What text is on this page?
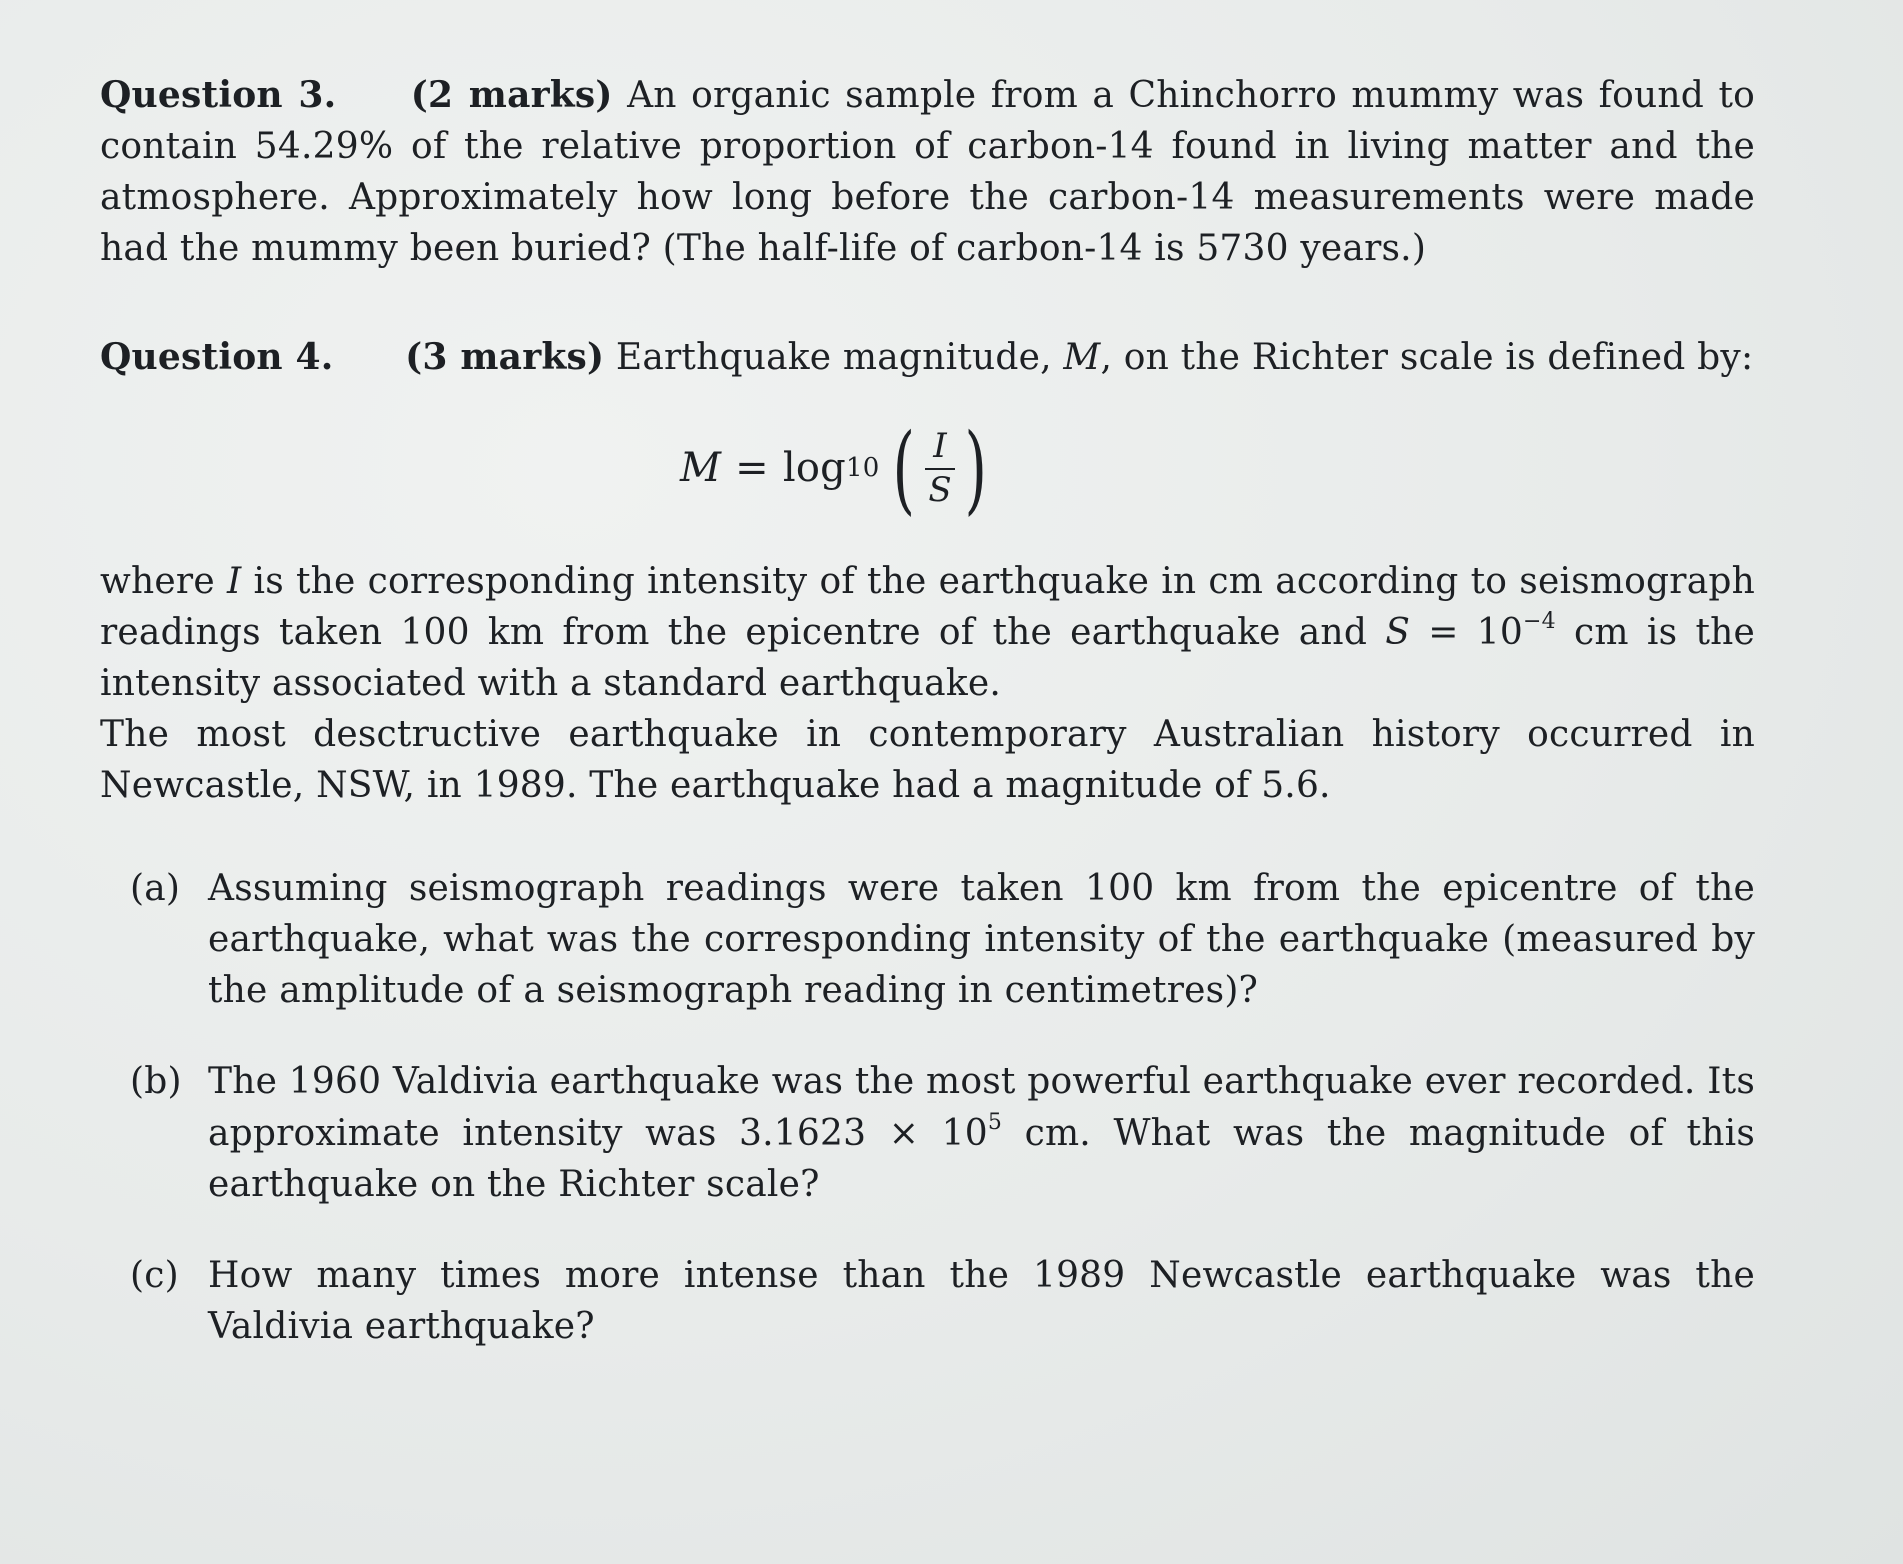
Question 3. (2 marks) An organic sample from a Chinchorro mummy was found to contain 54.29% of the relative proportion of carbon-14 found in living matter and the atmosphere. Approximately how long before the carbon-14 measurements were made had the mummy been buried? (The half-life of carbon-14 is 5730 years.)

Question 4. (3 marks) Earthquake magnitude, M, on the Richter scale is defined by:

M = log 10 ( $\frac{I}{S}$ )

where I is the corresponding intensity of the earthquake in cm according to seismograph readings taken 100 km from the epicentre of the earthquake and $S = 10^{-4}$ cm is the intensity associated with a standard earthquake.

The most desctructive earthquake in contemporary Australian history occurred in Newcastle, NSW, in 1989. The earthquake had a magnitude of 5.6.

(a) Assuming seismograph readings were taken 100 km from the epicentre of the earthquake, what was the corresponding intensity of the earthquake (measured by the amplitude of a seismograph reading in centimetres)?
(b) The 1960 Valdivia earthquake was the most powerful earthquake ever recorded. Its approximate intensity was $3.1623 \times 10^5$ cm. What was the magnitude of this earthquake on the Richter scale?
(c) How many times more intense than the 1989 Newcastle earthquake was the Valdivia earthquake?
